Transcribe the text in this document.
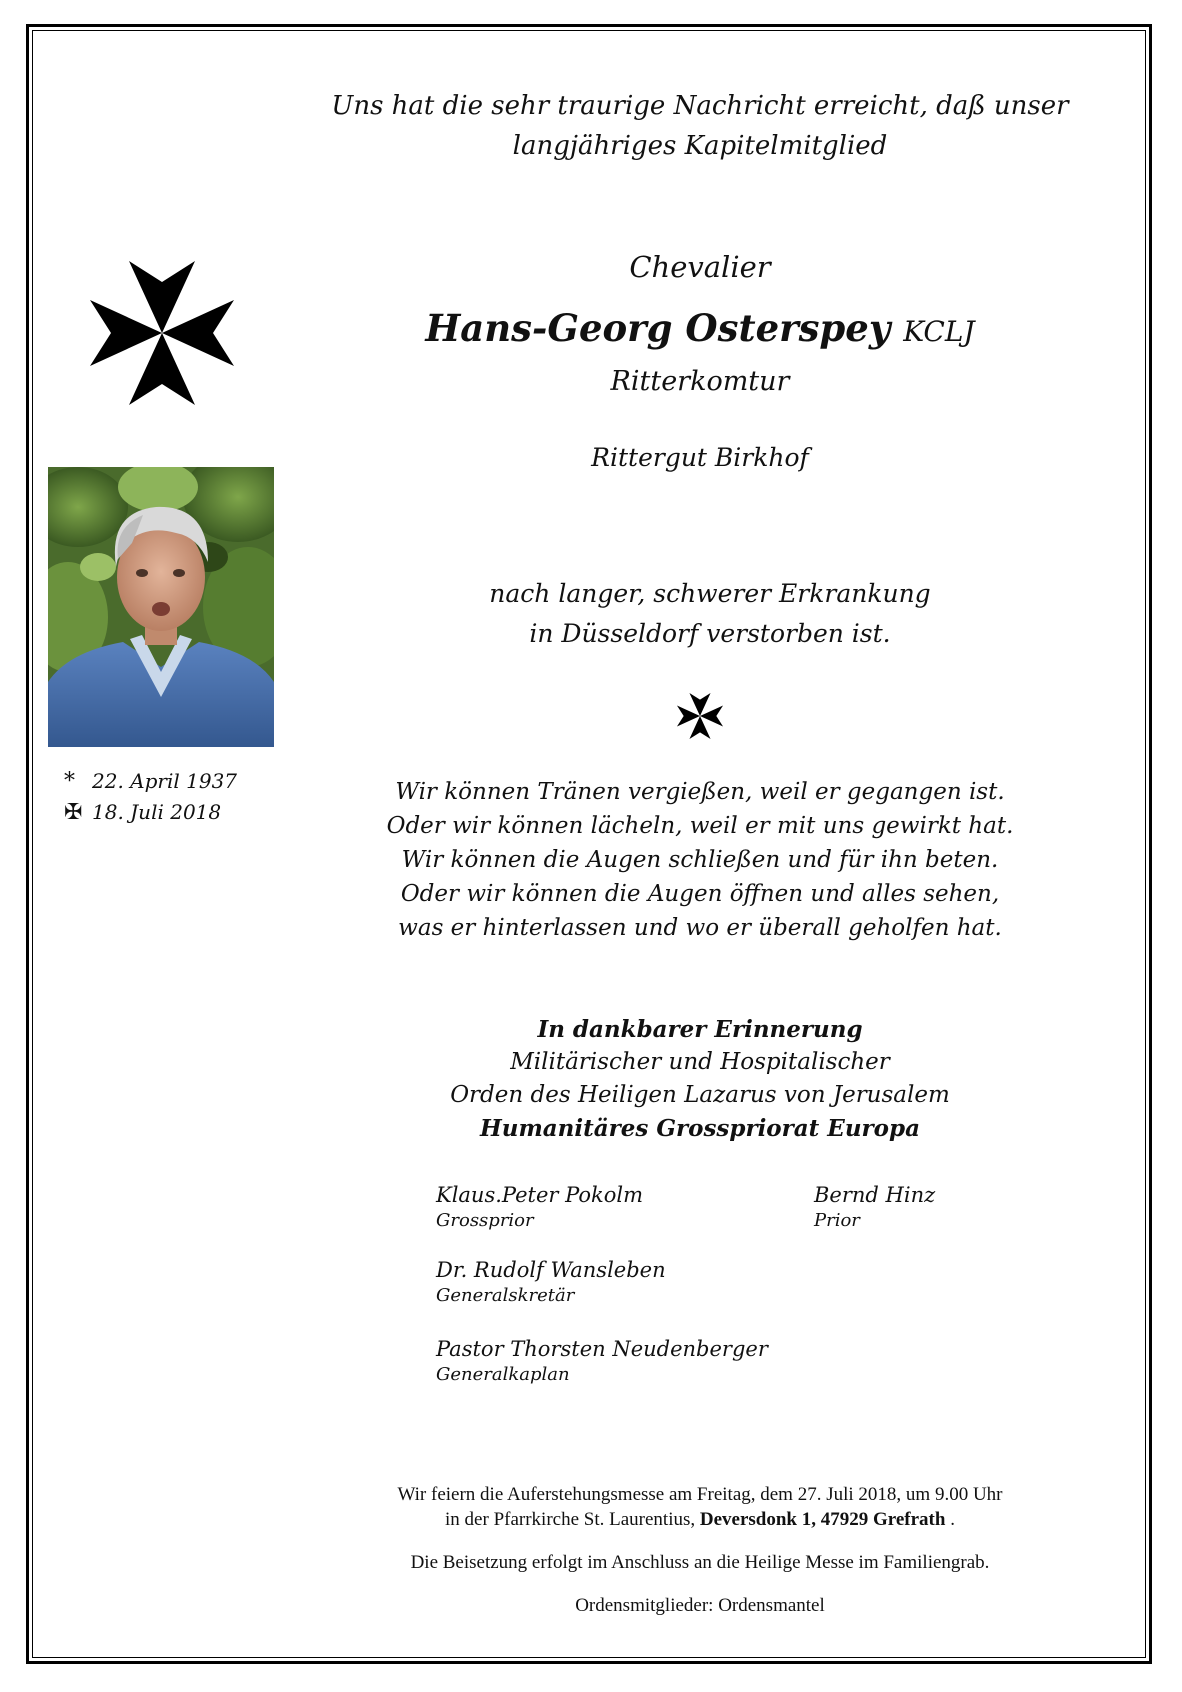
Uns hat die sehr traurige Nachricht erreicht, daß unser
langjähriges Kapitelmitglied
Chevalier
Hans-Georg Osterspey KCLJ
Ritterkomtur
Rittergut Birkhof
* 22. April 1937
✠ 18. Juli 2018
nach langer, schwerer Erkrankung
in Düsseldorf verstorben ist.
Wir können Tränen vergießen, weil er gegangen ist.
Oder wir können lächeln, weil er mit uns gewirkt hat.
Wir können die Augen schließen und für ihn beten.
Oder wir können die Augen öffnen und alles sehen,
was er hinterlassen und wo er überall geholfen hat.
In dankbarer Erinnerung
Militärischer und Hospitalischer
Orden des Heiligen Lazarus von Jerusalem
Humanitäres Grosspriorat Europa
Klaus.Peter Pokolm
Grossprior
Bernd Hinz
Prior
Dr. Rudolf Wansleben
Generalskretär
Pastor Thorsten Neudenberger
Generalkaplan
Wir feiern die Auferstehungsmesse am Freitag, dem 27. Juli 2018, um 9.00 Uhr
in der Pfarrkirche St. Laurentius, Deversdonk 1, 47929 Grefrath .
Die Beisetzung erfolgt im Anschluss an die Heilige Messe im Familiengrab.
Ordensmitglieder: Ordensmantel
